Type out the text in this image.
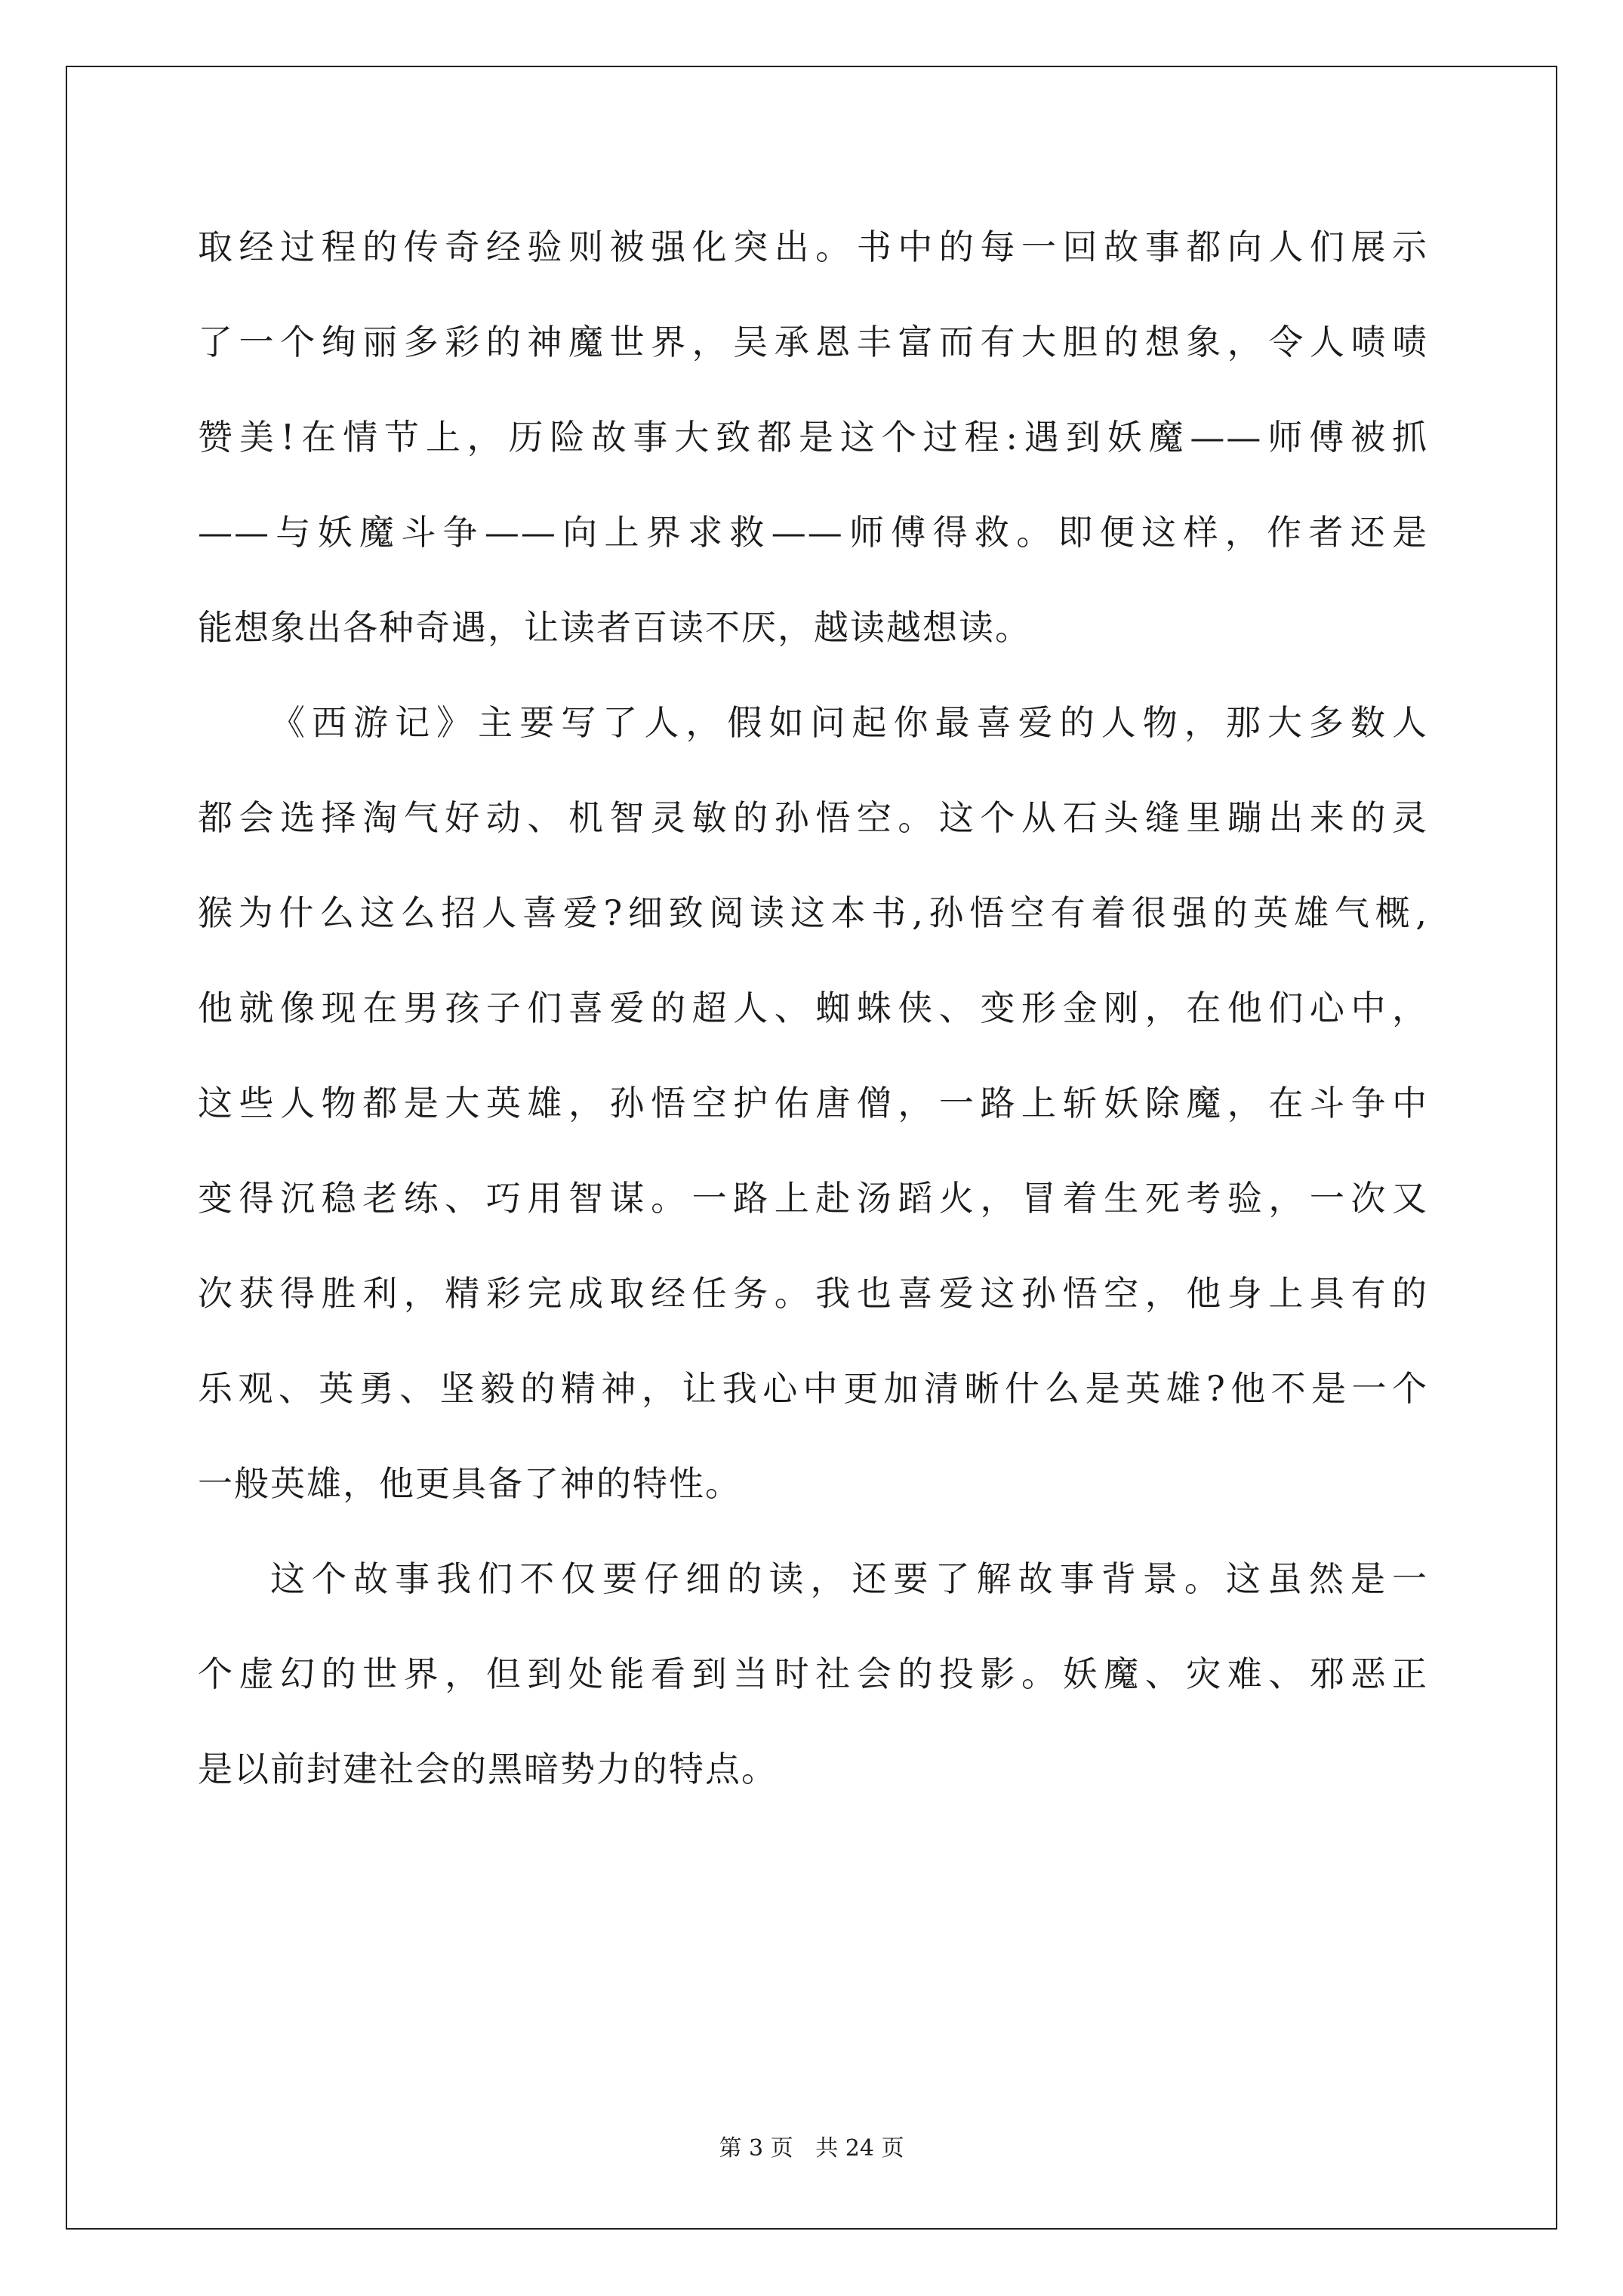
取经过程的传奇经验则被强化突出。书中的每一回故事都向人们展示
了一个绚丽多彩的神魔世界，吴承恩丰富而有大胆的想象，令人啧啧
赞美!在情节上，历险故事大致都是这个过程:遇到妖魔——师傅被抓
——与妖魔斗争——向上界求救——师傅得救。即便这样，作者还是
能想象出各种奇遇，让读者百读不厌，越读越想读。
《西游记》主要写了人，假如问起你最喜爱的人物，那大多数人
都会选择淘气好动、机智灵敏的孙悟空。这个从石头缝里蹦出来的灵
猴为什么这么招人喜爱?细致阅读这本书,孙悟空有着很强的英雄气概,
他就像现在男孩子们喜爱的超人、蜘蛛侠、变形金刚，在他们心中，
这些人物都是大英雄，孙悟空护佑唐僧，一路上斩妖除魔，在斗争中
变得沉稳老练、巧用智谋。一路上赴汤蹈火，冒着生死考验，一次又
次获得胜利，精彩完成取经任务。我也喜爱这孙悟空，他身上具有的
乐观、英勇、坚毅的精神，让我心中更加清晰什么是英雄?他不是一个
一般英雄，他更具备了神的特性。
这个故事我们不仅要仔细的读，还要了解故事背景。这虽然是一
个虚幻的世界，但到处能看到当时社会的投影。妖魔、灾难、邪恶正
是以前封建社会的黑暗势力的特点。
第 3 页 共 24 页
